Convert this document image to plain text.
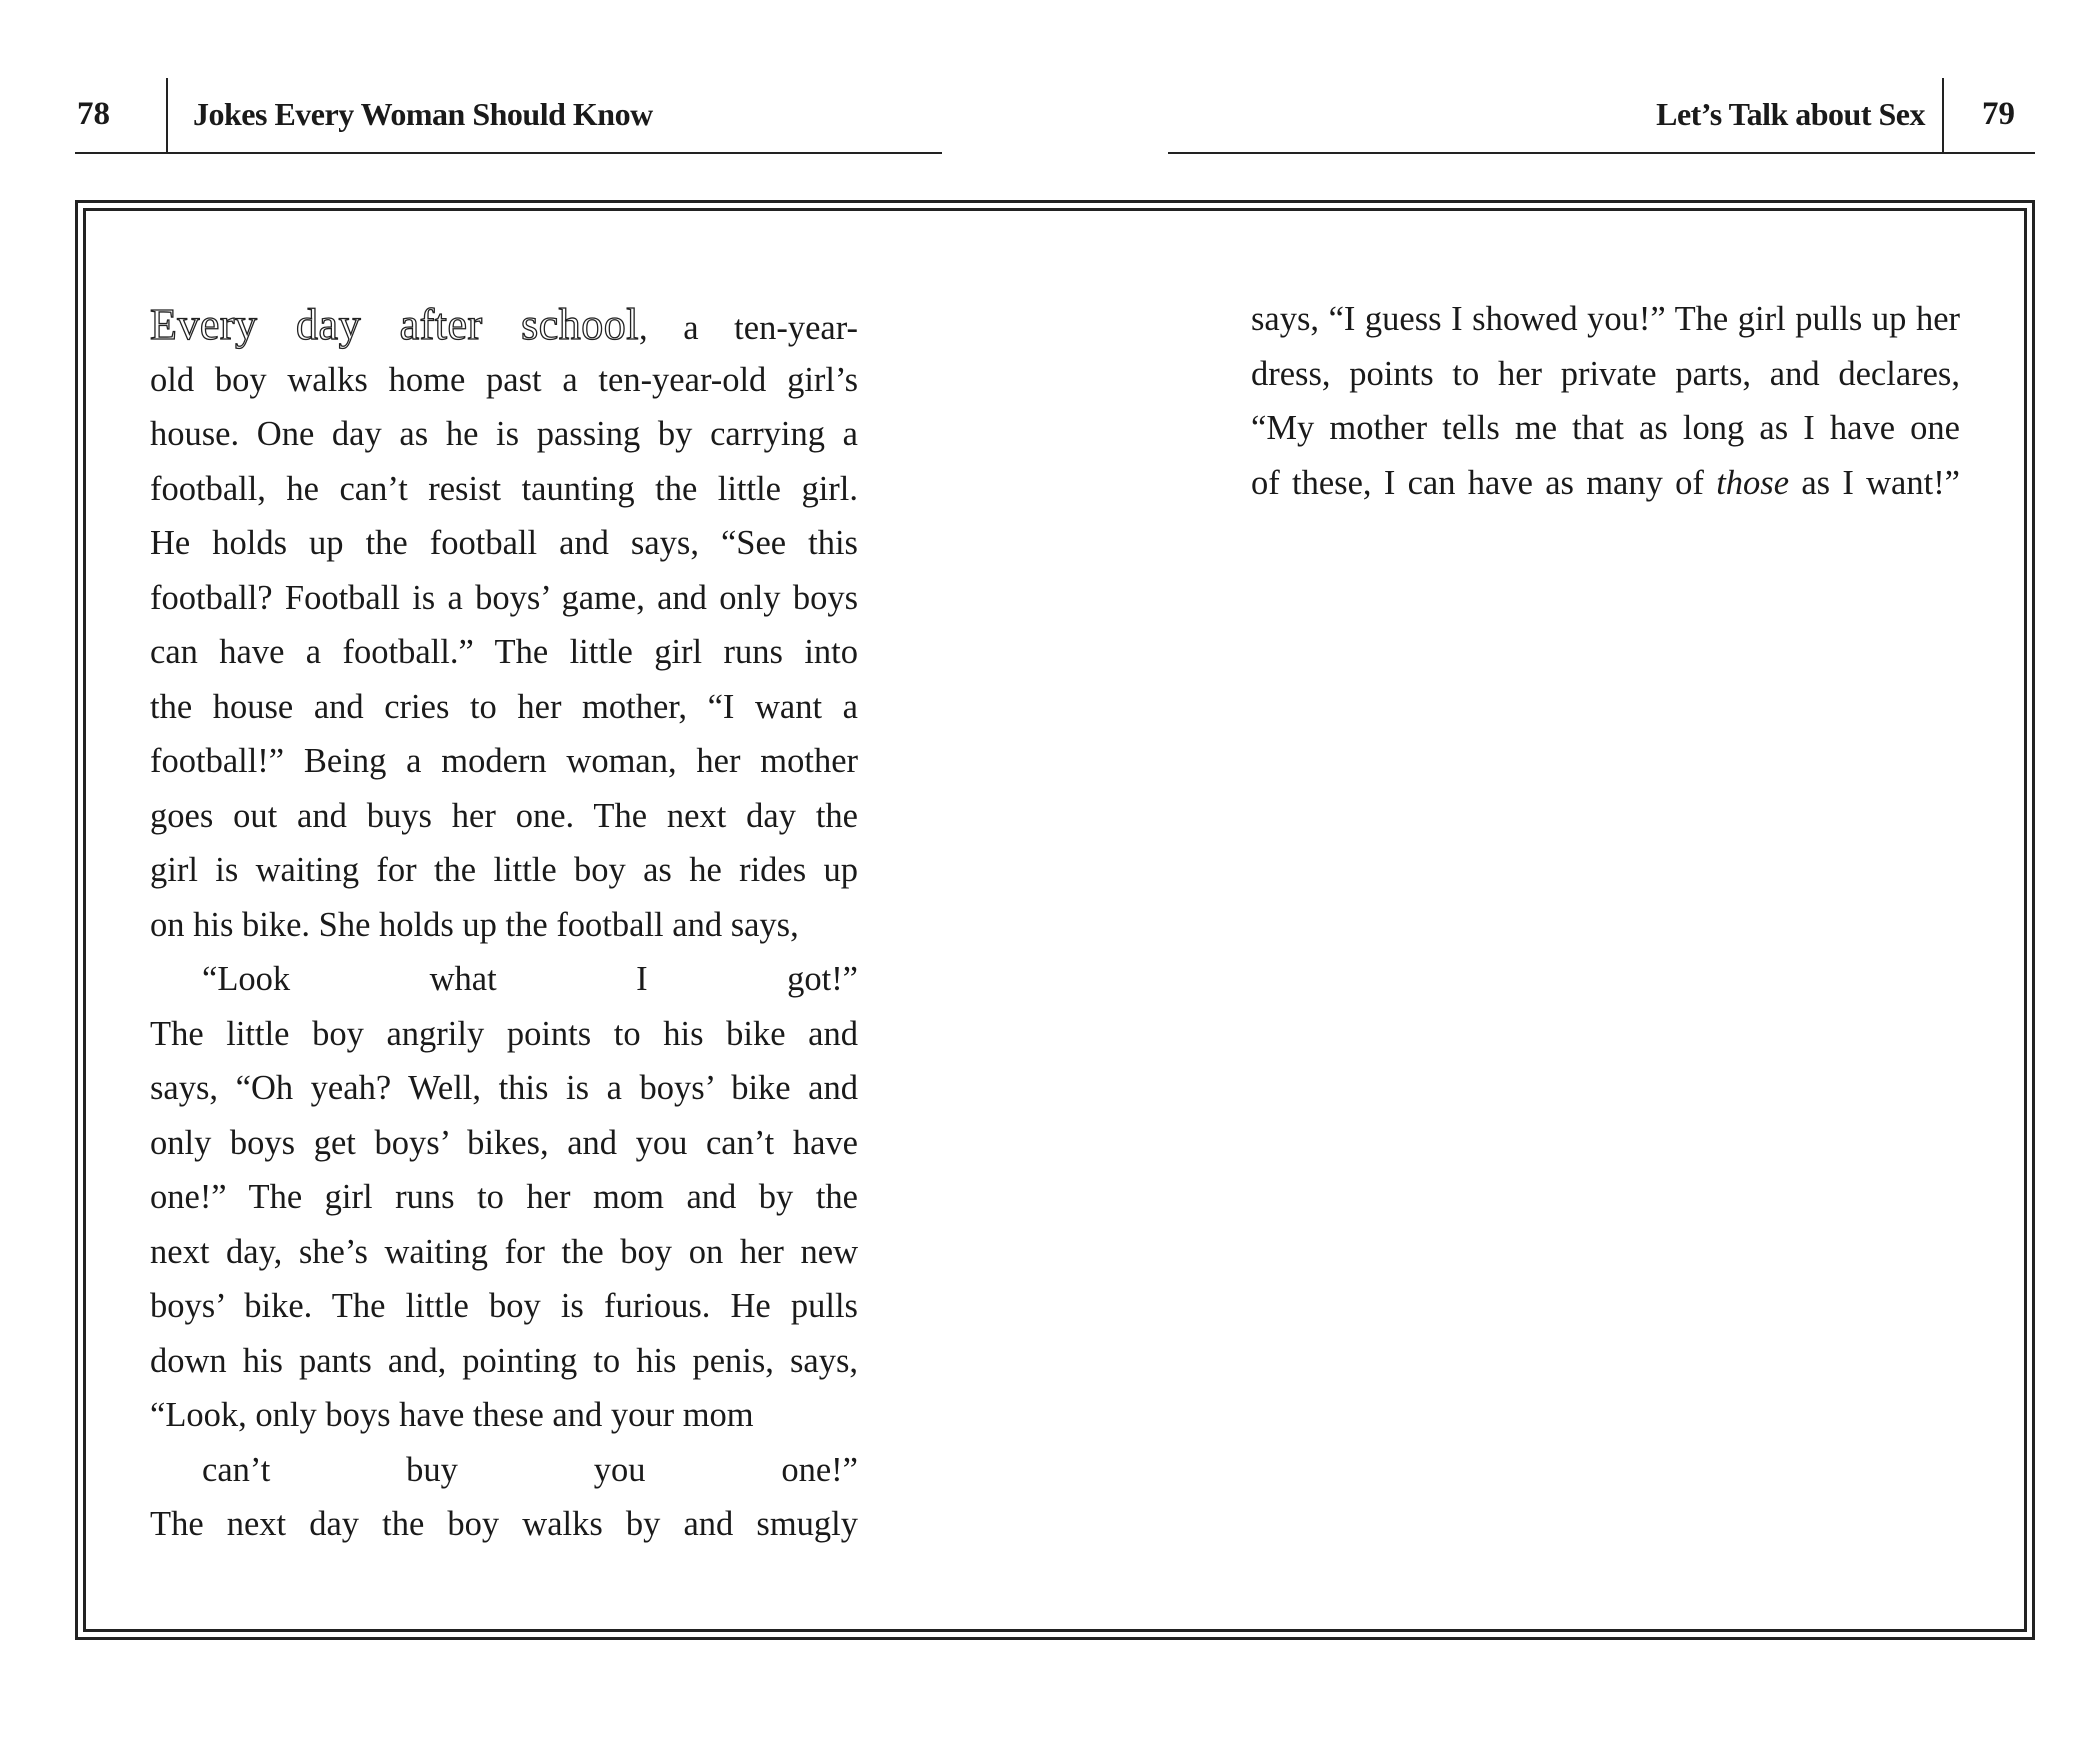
78	Jokes Every Woman Should Know	Let’s Talk about Sex 79
Every day after school, a ten-year-
old boy walks home past a ten-year-old girl’s
house. One day as he is passing by carrying a
football, he can’t resist taunting the little girl.
He holds up the football and says, “See this
football? Football is a boys’ game, and only boys
can have a football.” The little girl runs into
the house and cries to her mother, “I want a
football!” Being a modern woman, her mother
goes out and buys her one. The next day the
girl is waiting for the little boy as he rides up
on his bike. She holds up the football and says,
“Look what I got!”
The little boy angrily points to his bike and
says, “Oh yeah? Well, this is a boys’ bike and
only boys get boys’ bikes, and you can’t have
one!” The girl runs to her mom and by the
next day, she’s waiting for the boy on her new
boys’ bike. The little boy is furious. He pulls
down his pants and, pointing to his penis, says,
“Look, only boys have these and your mom
can’t buy you one!”
The next day the boy walks by and smugly
says, “I guess I showed you!” The girl pulls up her
dress, points to her private parts, and declares,
“My mother tells me that as long as I have one
of these, I can have as many of those as I want!”
